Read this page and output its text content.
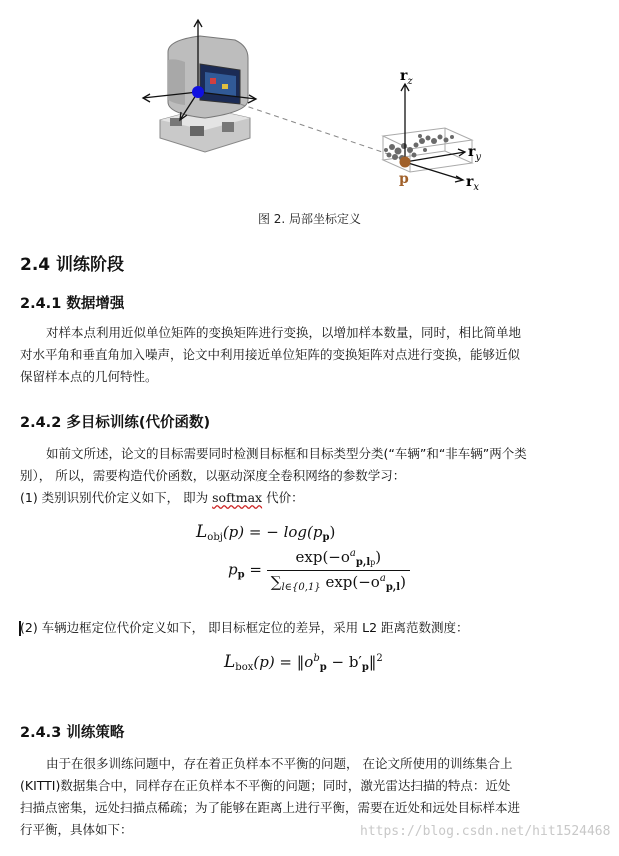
$r_z$
$r_y$
$r_x$
p
图 2. 局部坐标定义
2.4 训练阶段
2.4.1 数据增强
对样本点利用近似单位矩阵的变换矩阵进行变换，以增加样本数量，同时，相比简单地
对水平角和垂直角加入噪声，论文中利用接近单位矩阵的变换矩阵对点进行变换，能够近似
保留样本点的几何特性。
2.4.2 多目标训练(代价函数)
如前文所述，论文的目标需要同时检测目标框和目标类型分类(“车辆”和“非车辆”两个类
别）， 所以，需要构造代价函数，以驱动深度全卷积网络的参数学习：
(1) 类别识别代价定义如下， 即为 softmax 代价：
$L_{obj}(p)$ = − $\log(p_p)$
$p_p = \frac{\exp(-o^a_{p,lp})}{\sum_{l\in\{0,1\}} \exp(-o^a_{p,l})}$
(2) 车辆边框定位代价定义如下， 即目标框定位的差异，采用 L2 距离范数测度：
$L_{box}(p)$ = $‖o^b_p$ − $b'_p‖^2$
2.4.3 训练策略
由于在很多训练问题中，存在着正负样本不平衡的问题， 在论文所使用的训练集合上
(KITTI)数据集合中，同样存在正负样本不平衡的问题；同时，激光雷达扫描的特点：近处
扫描点密集，远处扫描点稀疏；为了能够在距离上进行平衡，需要在近处和远处目标样本进
行平衡，具体如下：	https://blog.csdn.net/hit1524468
